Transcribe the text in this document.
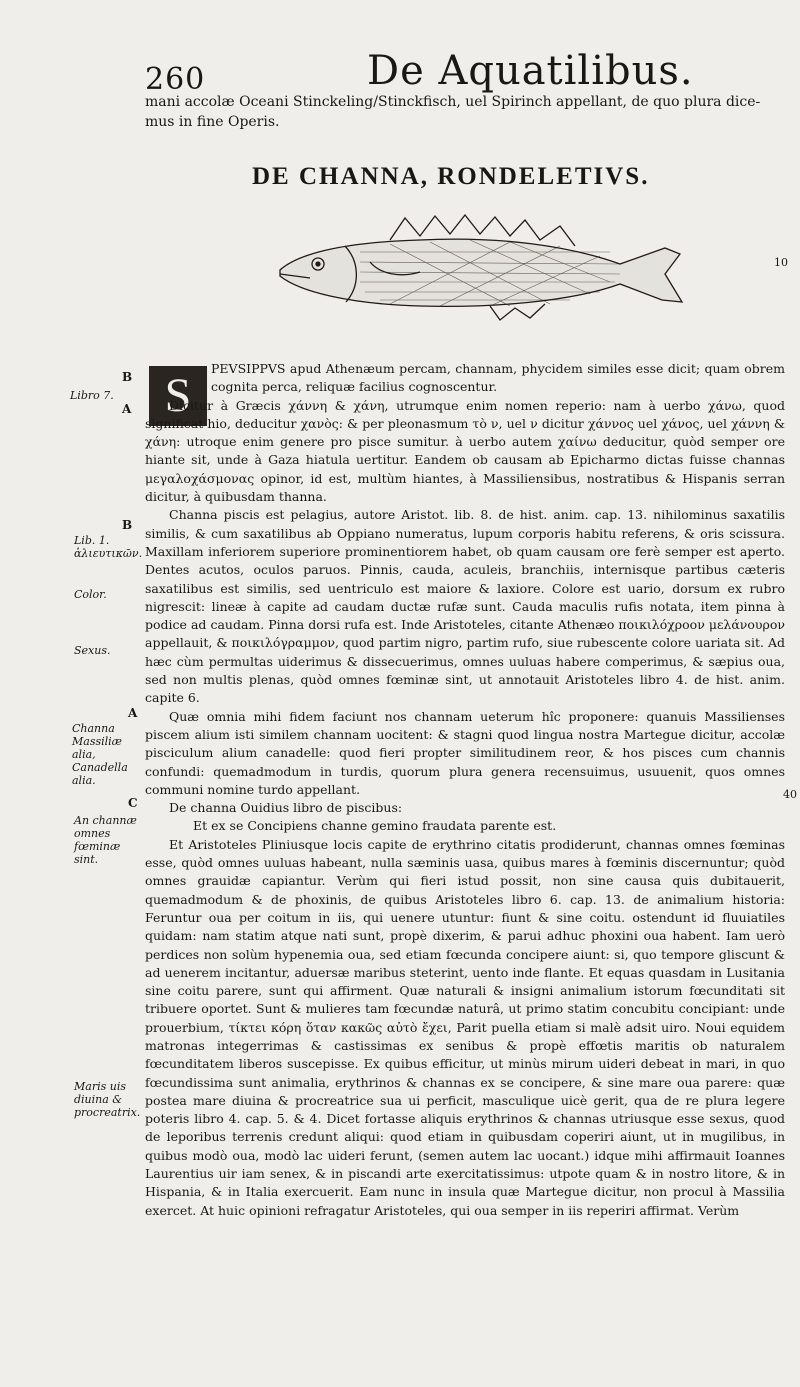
260	De Aquatilibus.
mani accolæ Oceani Stinckeling/Stinckfisch, uel Spirinch appellant, de quo plura dice-
mus in fine Operis.
DE CHANNA, RONDELETIVS.
10
S
B
Libro 7.
A
B
Lib. 1. ἁλιευτικῶν.
Color.
Sexus.
A
Channa Massiliæ alia, Canadella alia.
C
An channæ omnes fœminæ sint.
Maris uis diuina & procreatrix.
40

PEVSIPPVS apud Athenæum percam, channam, phycidem similes esse dicit; quam obrem cognita perca, reliquæ facilius cognoscentur.

Dicitur à Græcis χάννη & χάνη, utrumque enim nomen reperio: nam à uerbo χάνω, quod significat hio, deducitur χανὸς: & per pleonasmum τὸ ν, uel ν dicitur χάννος uel χάνος, uel χάννη & χάνη: utroque enim genere pro pisce sumitur. à uerbo autem χαίνω deducitur, quòd semper ore hiante sit, unde à Gaza hiatula uertitur. Eandem ob causam ab Epicharmo dictas fuisse channas μεγαλοχάσμονας opinor, id est, multùm hiantes, à Massiliensibus, nostratibus & Hispanis serran dicitur, à quibusdam thanna.

Channa piscis est pelagius, autore Aristot. lib. 8. de hist. anim. cap. 13. nihilominus saxatilis similis, & cum saxatilibus ab Oppiano numeratus, lupum corporis habitu referens, & oris scissura. Maxillam inferiorem superiore prominentiorem habet, ob quam causam ore ferè semper est aperto. Dentes acutos, oculos paruos. Pinnis, cauda, aculeis, branchiis, internisque partibus cæteris saxatilibus est similis, sed uentriculo est maiore & laxiore. Colore est uario, dorsum ex rubro nigrescit: lineæ à capite ad caudam ductæ rufæ sunt. Cauda maculis rufis notata, item pinna à podice ad caudam. Pinna dorsi rufa est. Inde Aristoteles, citante Athenæo ποικιλόχροον μελάνουρον appellauit, & ποικιλόγραμμον, quod partim nigro, partim rufo, siue rubescente colore uariata sit. Ad hæc cùm permultas uiderimus & dissecuerimus, omnes uuluas habere comperimus, & sæpius oua, sed non multis plenas, quòd omnes fœminæ sint, ut annotauit Aristoteles libro 4. de hist. anim. capite 6.

Quæ omnia mihi fidem faciunt nos channam ueterum hîc proponere: quanuis Massilienses piscem alium isti similem channam uocitent: & stagni quod lingua nostra Martegue dicitur, accolæ pisciculum alium canadelle: quod fieri propter similitudinem reor, & hos pisces cum channis confundi: quemadmodum in turdis, quorum plura genera recensuimus, usuuenit, quos omnes communi nomine turdo appellant.

De channa Ouidius libro de piscibus:

Et ex se Concipiens channe gemino fraudata parente est.

Et Aristoteles Pliniusque locis capite de erythrino citatis prodiderunt, channas omnes fœminas esse, quòd omnes uuluas habeant, nulla sæminis uasa, quibus mares à fœminis discernuntur; quòd omnes grauidæ capiantur. Verùm qui fieri istud possit, non sine causa quis dubitauerit, quemadmodum & de phoxinis, de quibus Aristoteles libro 6. cap. 13. de animalium historia: Feruntur oua per coitum in iis, qui uenere utuntur: fiunt & sine coitu. ostendunt id fluuiatiles quidam: nam statim atque nati sunt, propè dixerim, & parui adhuc phoxini oua habent. Iam uerò perdices non solùm hypenemia oua, sed etiam fœcunda concipere aiunt: si, quo tempore gliscunt & ad uenerem incitantur, aduersæ maribus steterint, uento inde flante. Et equas quasdam in Lusitania sine coitu parere, sunt qui affirment. Quæ naturali & insigni animalium istorum fœcunditati sit tribuere oportet. Sunt & mulieres tam fœcundæ naturâ, ut primo statim concubitu concipiant: unde prouerbium, τίκτει κόρη ὅταν κακῶς αὐτὸ ἔχει, Parit puella etiam si malè adsit uiro. Noui equidem matronas integerrimas & castissimas ex senibus & propè effœtis maritis ob naturalem fœcunditatem liberos suscepisse. Ex quibus efficitur, ut minùs mirum uideri debeat in mari, in quo fœcundissima sunt animalia, erythrinos & channas ex se concipere, & sine mare oua parere: quæ postea mare diuina & procreatrice sua ui perficit, masculique uicè gerit, qua de re plura legere poteris libro 4. cap. 5. & 4. Dicet fortasse aliquis erythrinos & channas utriusque esse sexus, quod de leporibus terrenis credunt aliqui: quod etiam in quibusdam coperiri aiunt, ut in mugilibus, in quibus modò oua, modò lac uideri ferunt, (semen autem lac uocant.) idque mihi affirmauit Ioannes Laurentius uir iam senex, & in piscandi arte exercitatissimus: utpote quam & in nostro litore, & in Hispania, & in Italia exercuerit. Eam nunc in insula quæ Martegue dicitur, non procul à Massilia exercet. At huic opinioni refragatur Aristoteles, qui oua semper in iis reperiri affirmat. Verùm
